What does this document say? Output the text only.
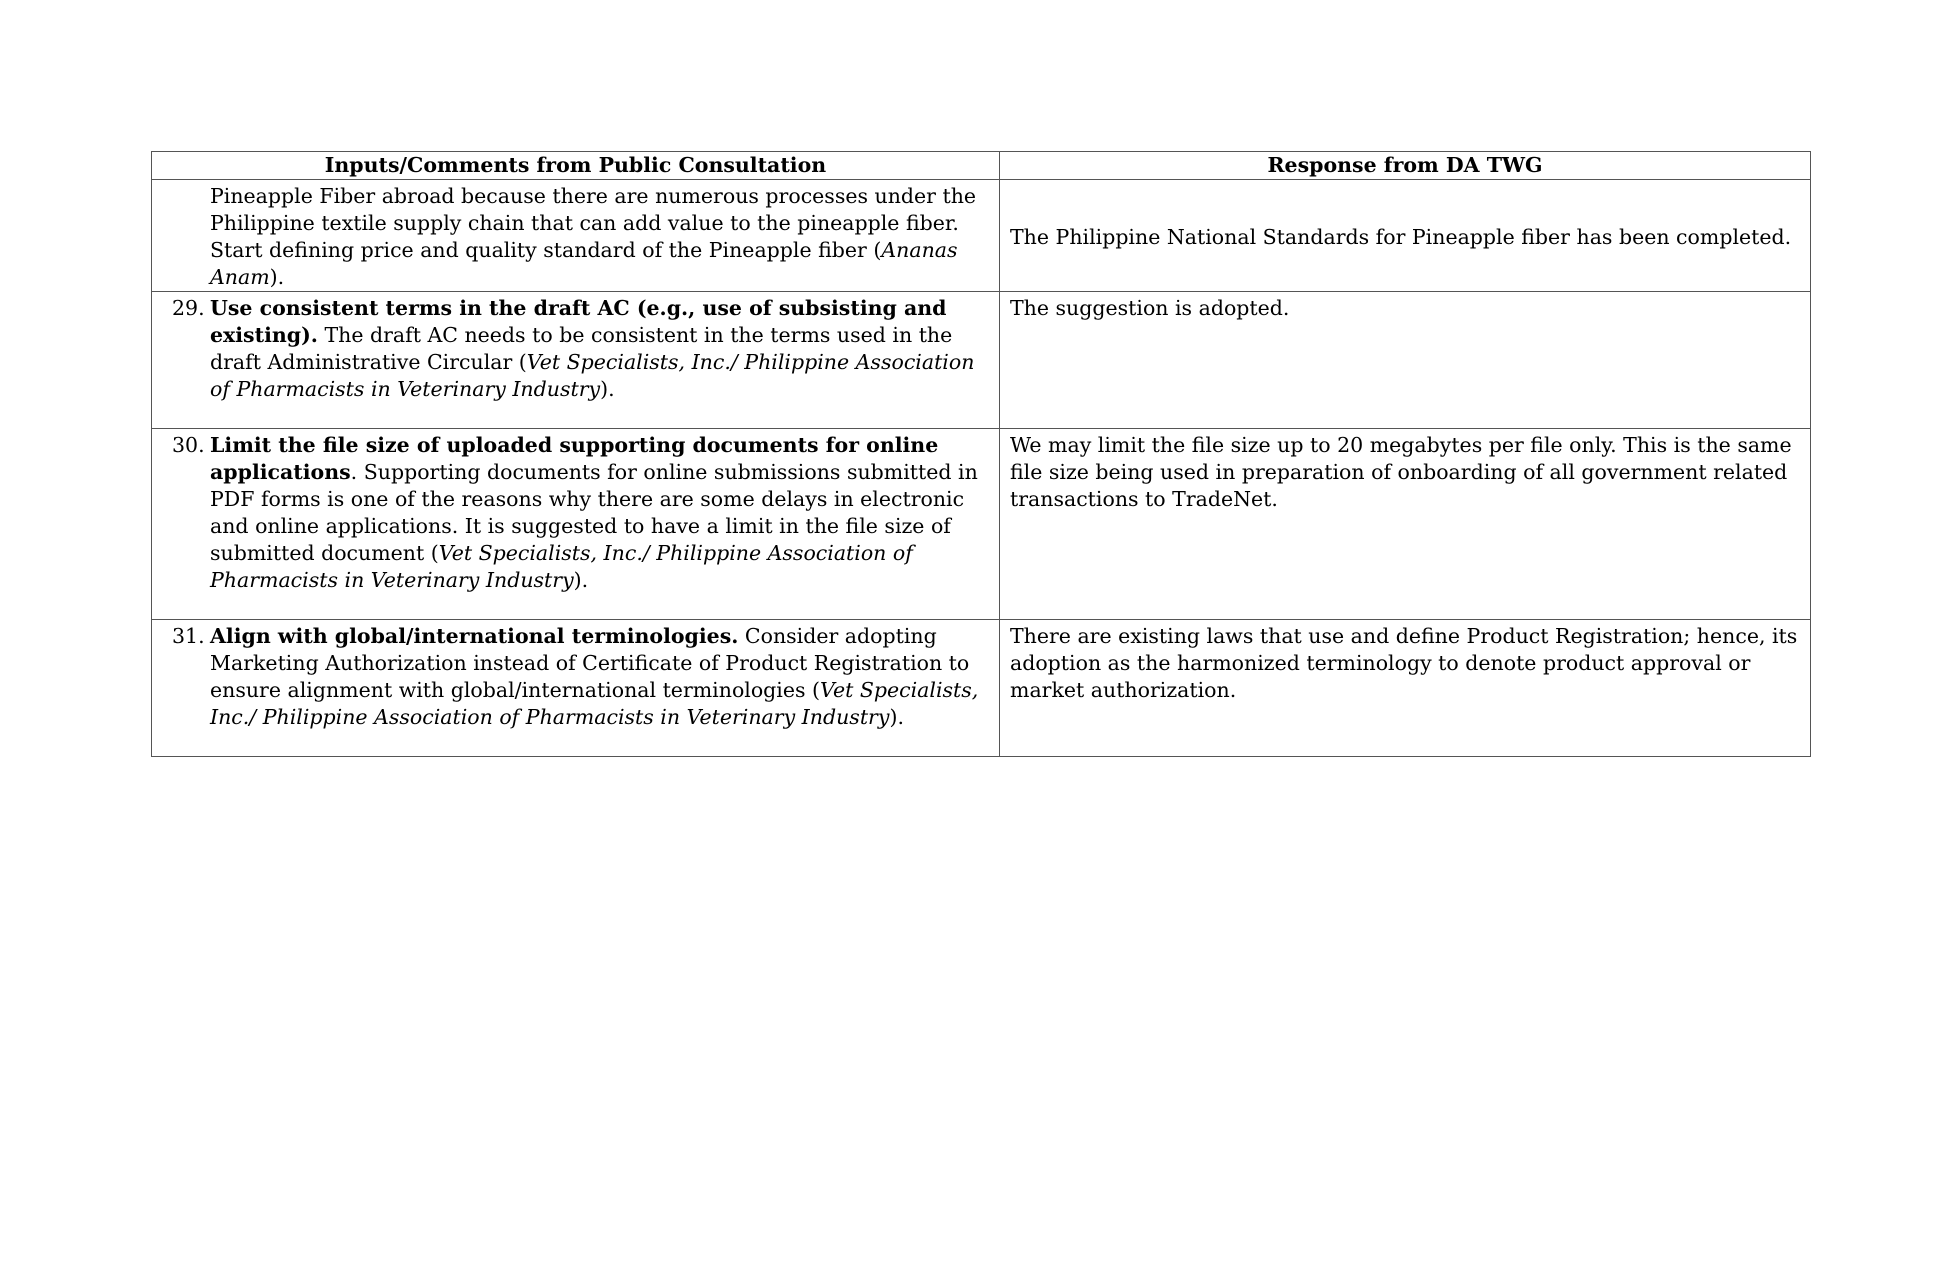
Inputs/Comments from Public Consultation	Response from DA TWG

Pineapple Fiber abroad because there are numerous processes under the Philippine textile supply chain that can add value to the pineapple fiber. Start defining price and quality standard of the Pineapple fiber (Ananas Anam).	The Philippine National Standards for Pineapple fiber has been completed.

29. Use consistent terms in the draft AC (e.g., use of subsisting and existing). The draft AC needs to be consistent in the terms used in the draft Administrative Circular (Vet Specialists, Inc./ Philippine Association of Pharmacists in Veterinary Industry).	The suggestion is adopted.

30. Limit the file size of uploaded supporting documents for online applications. Supporting documents for online submissions submitted in PDF forms is one of the reasons why there are some delays in electronic and online applications. It is suggested to have a limit in the file size of submitted document (Vet Specialists, Inc./ Philippine Association of Pharmacists in Veterinary Industry).	We may limit the file size up to 20 megabytes per file only. This is the same file size being used in preparation of onboarding of all government related transactions to TradeNet.

31. Align with global/international terminologies. Consider adopting Marketing Authorization instead of Certificate of Product Registration to ensure alignment with global/international terminologies (Vet Specialists, Inc./ Philippine Association of Pharmacists in Veterinary Industry).	There are existing laws that use and define Product Registration; hence, its adoption as the harmonized terminology to denote product approval or market authorization.
